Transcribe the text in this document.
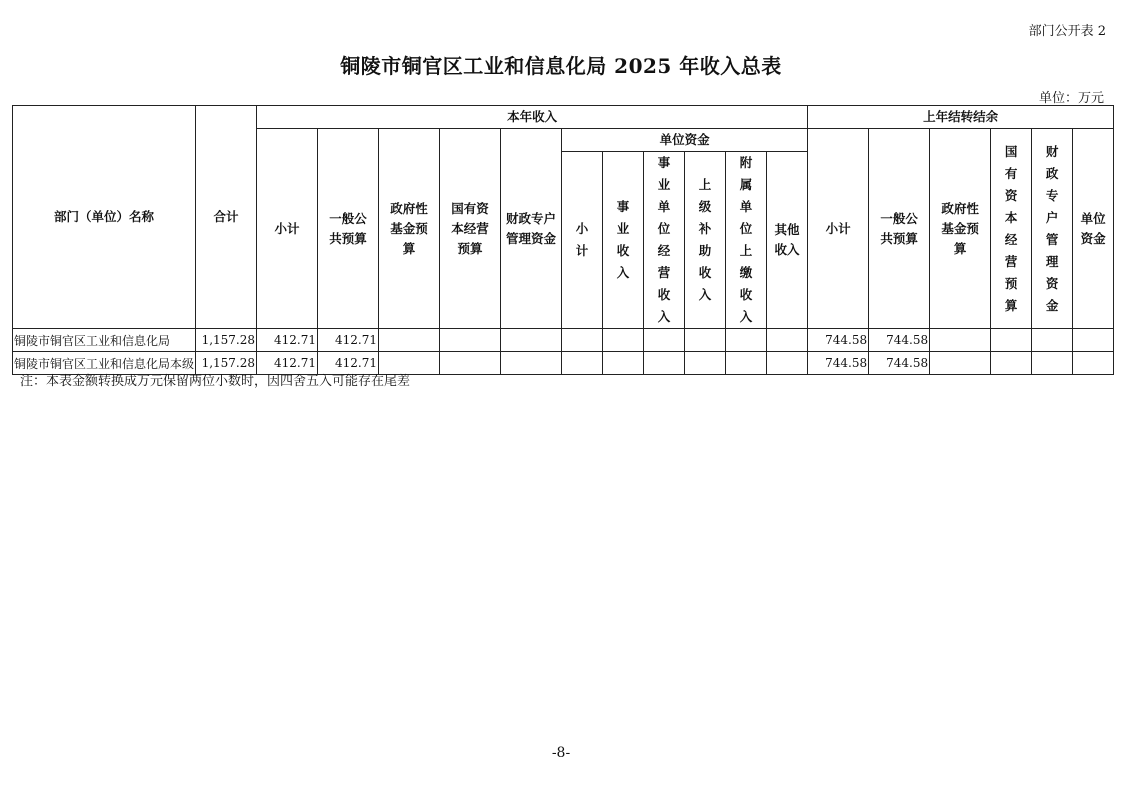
部门公开表 2
铜陵市铜官区工业和信息化局 2025 年收入总表
单位：万元
部门（单位）名称	合计	本年收入											上年结转结余					
		小计	一般公共预算	政府性基金预算	国有资本经营预算	财政专户管理资金	单位资金						小计	一般公共预算	政府性基金预算	国有资本经营预算	财政专户管理资金	单位资金

							小计	事业收入	事业单位经营收入	上级补助收入	附属单位上缴收入	其他收入						

铜陵市铜官区工业和信息化局	1,157.28	412.71	412.71										744.58	744.58				
铜陵市铜官区工业和信息化局本级	1,157.28	412.71	412.71										744.58	744.58				
注：本表金额转换成万元保留两位小数时，因四舍五入可能存在尾差
-8-
